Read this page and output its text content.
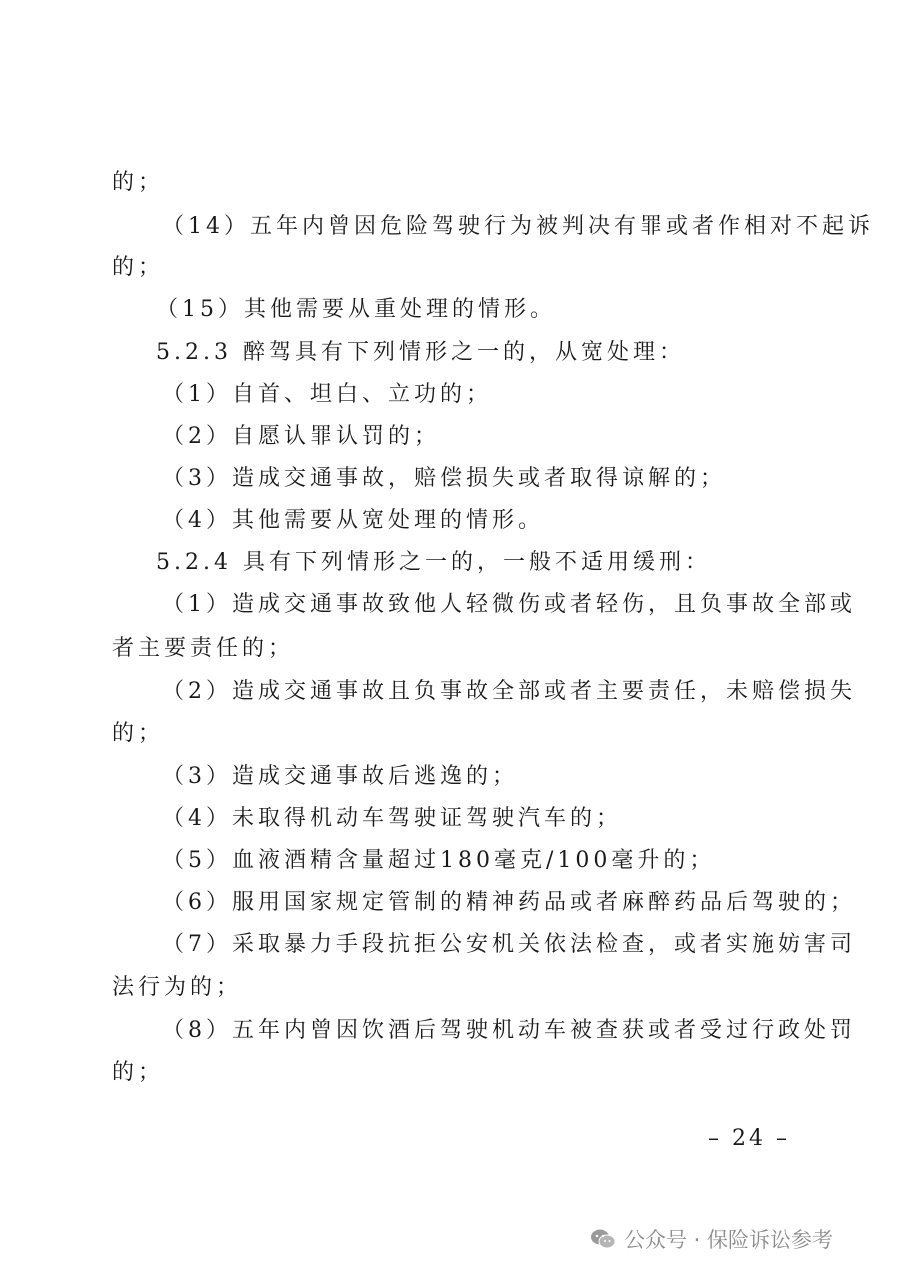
的；
（14）五年内曾因危险驾驶行为被判决有罪或者作相对不起诉
的；
（15）其他需要从重处理的情形。
5.2.3 醉驾具有下列情形之一的，从宽处理：
（1）自首、坦白、立功的；
（2）自愿认罪认罚的；
（3）造成交通事故，赔偿损失或者取得谅解的；
（4）其他需要从宽处理的情形。
5.2.4 具有下列情形之一的，一般不适用缓刑：
（1）造成交通事故致他人轻微伤或者轻伤，且负事故全部或
者主要责任的；
（2）造成交通事故且负事故全部或者主要责任，未赔偿损失
的；
（3）造成交通事故后逃逸的；
（4）未取得机动车驾驶证驾驶汽车的；
（5）血液酒精含量超过180毫克/100毫升的；
（6）服用国家规定管制的精神药品或者麻醉药品后驾驶的；
（7）采取暴力手段抗拒公安机关依法检查，或者实施妨害司
法行为的；
（8）五年内曾因饮酒后驾驶机动车被查获或者受过行政处罚
的；
– 24 –
公众号 · 保险诉讼参考
